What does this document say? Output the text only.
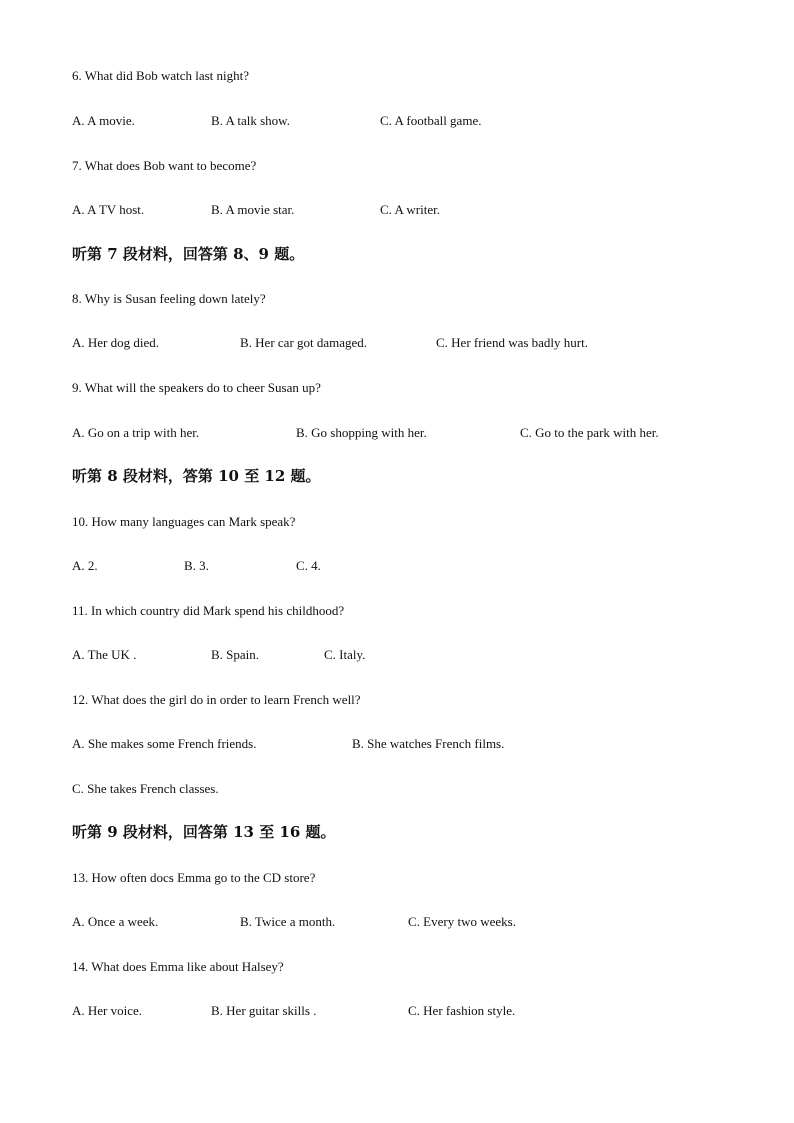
6. What did Bob watch last night?
A. A movie.	B. A talk show.	C. A football game.
7. What does Bob want to become?
A. A TV host.	B. A movie star.	C. A writer.
听第 7 段材料，回答第 8、9 题。
8. Why is Susan feeling down lately?
A. Her dog died.	B. Her car got damaged.	C. Her friend was badly hurt.
9. What will the speakers do to cheer Susan up?
A. Go on a trip with her.	B. Go shopping with her.	C. Go to the park with her.
听第 8 段材料，答第 10 至 12 题。
10. How many languages can Mark speak?
A. 2.	B. 3.	C. 4.
11. In which country did Mark spend his childhood?
A. The UK .	B. Spain.	C. Italy.
12. What does the girl do in order to learn French well?
A. She makes some French friends.	B. She watches French films.
C. She takes French classes.
听第 9 段材料，回答第 13 至 16 题。
13. How often docs Emma go to the CD store?
A. Once a week.	B. Twice a month.	C. Every two weeks.
14. What does Emma like about Halsey?
A. Her voice.	B. Her guitar skills .	C. Her fashion style.
